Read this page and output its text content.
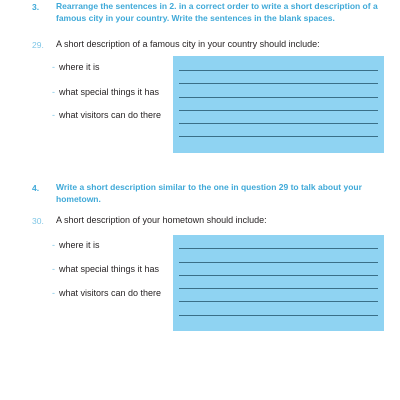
3. Rearrange the sentences in 2. in a correct order to write a short description of a famous city in your country. Write the sentences in the blank spaces.
29. A short description of a famous city in your country should include:
- where it is
- what special things it has
- what visitors can do there
4. Write a short description similar to the one in question 29 to talk about your hometown.
30. A short description of your hometown should include:
- where it is
- what special things it has
- what visitors can do there
